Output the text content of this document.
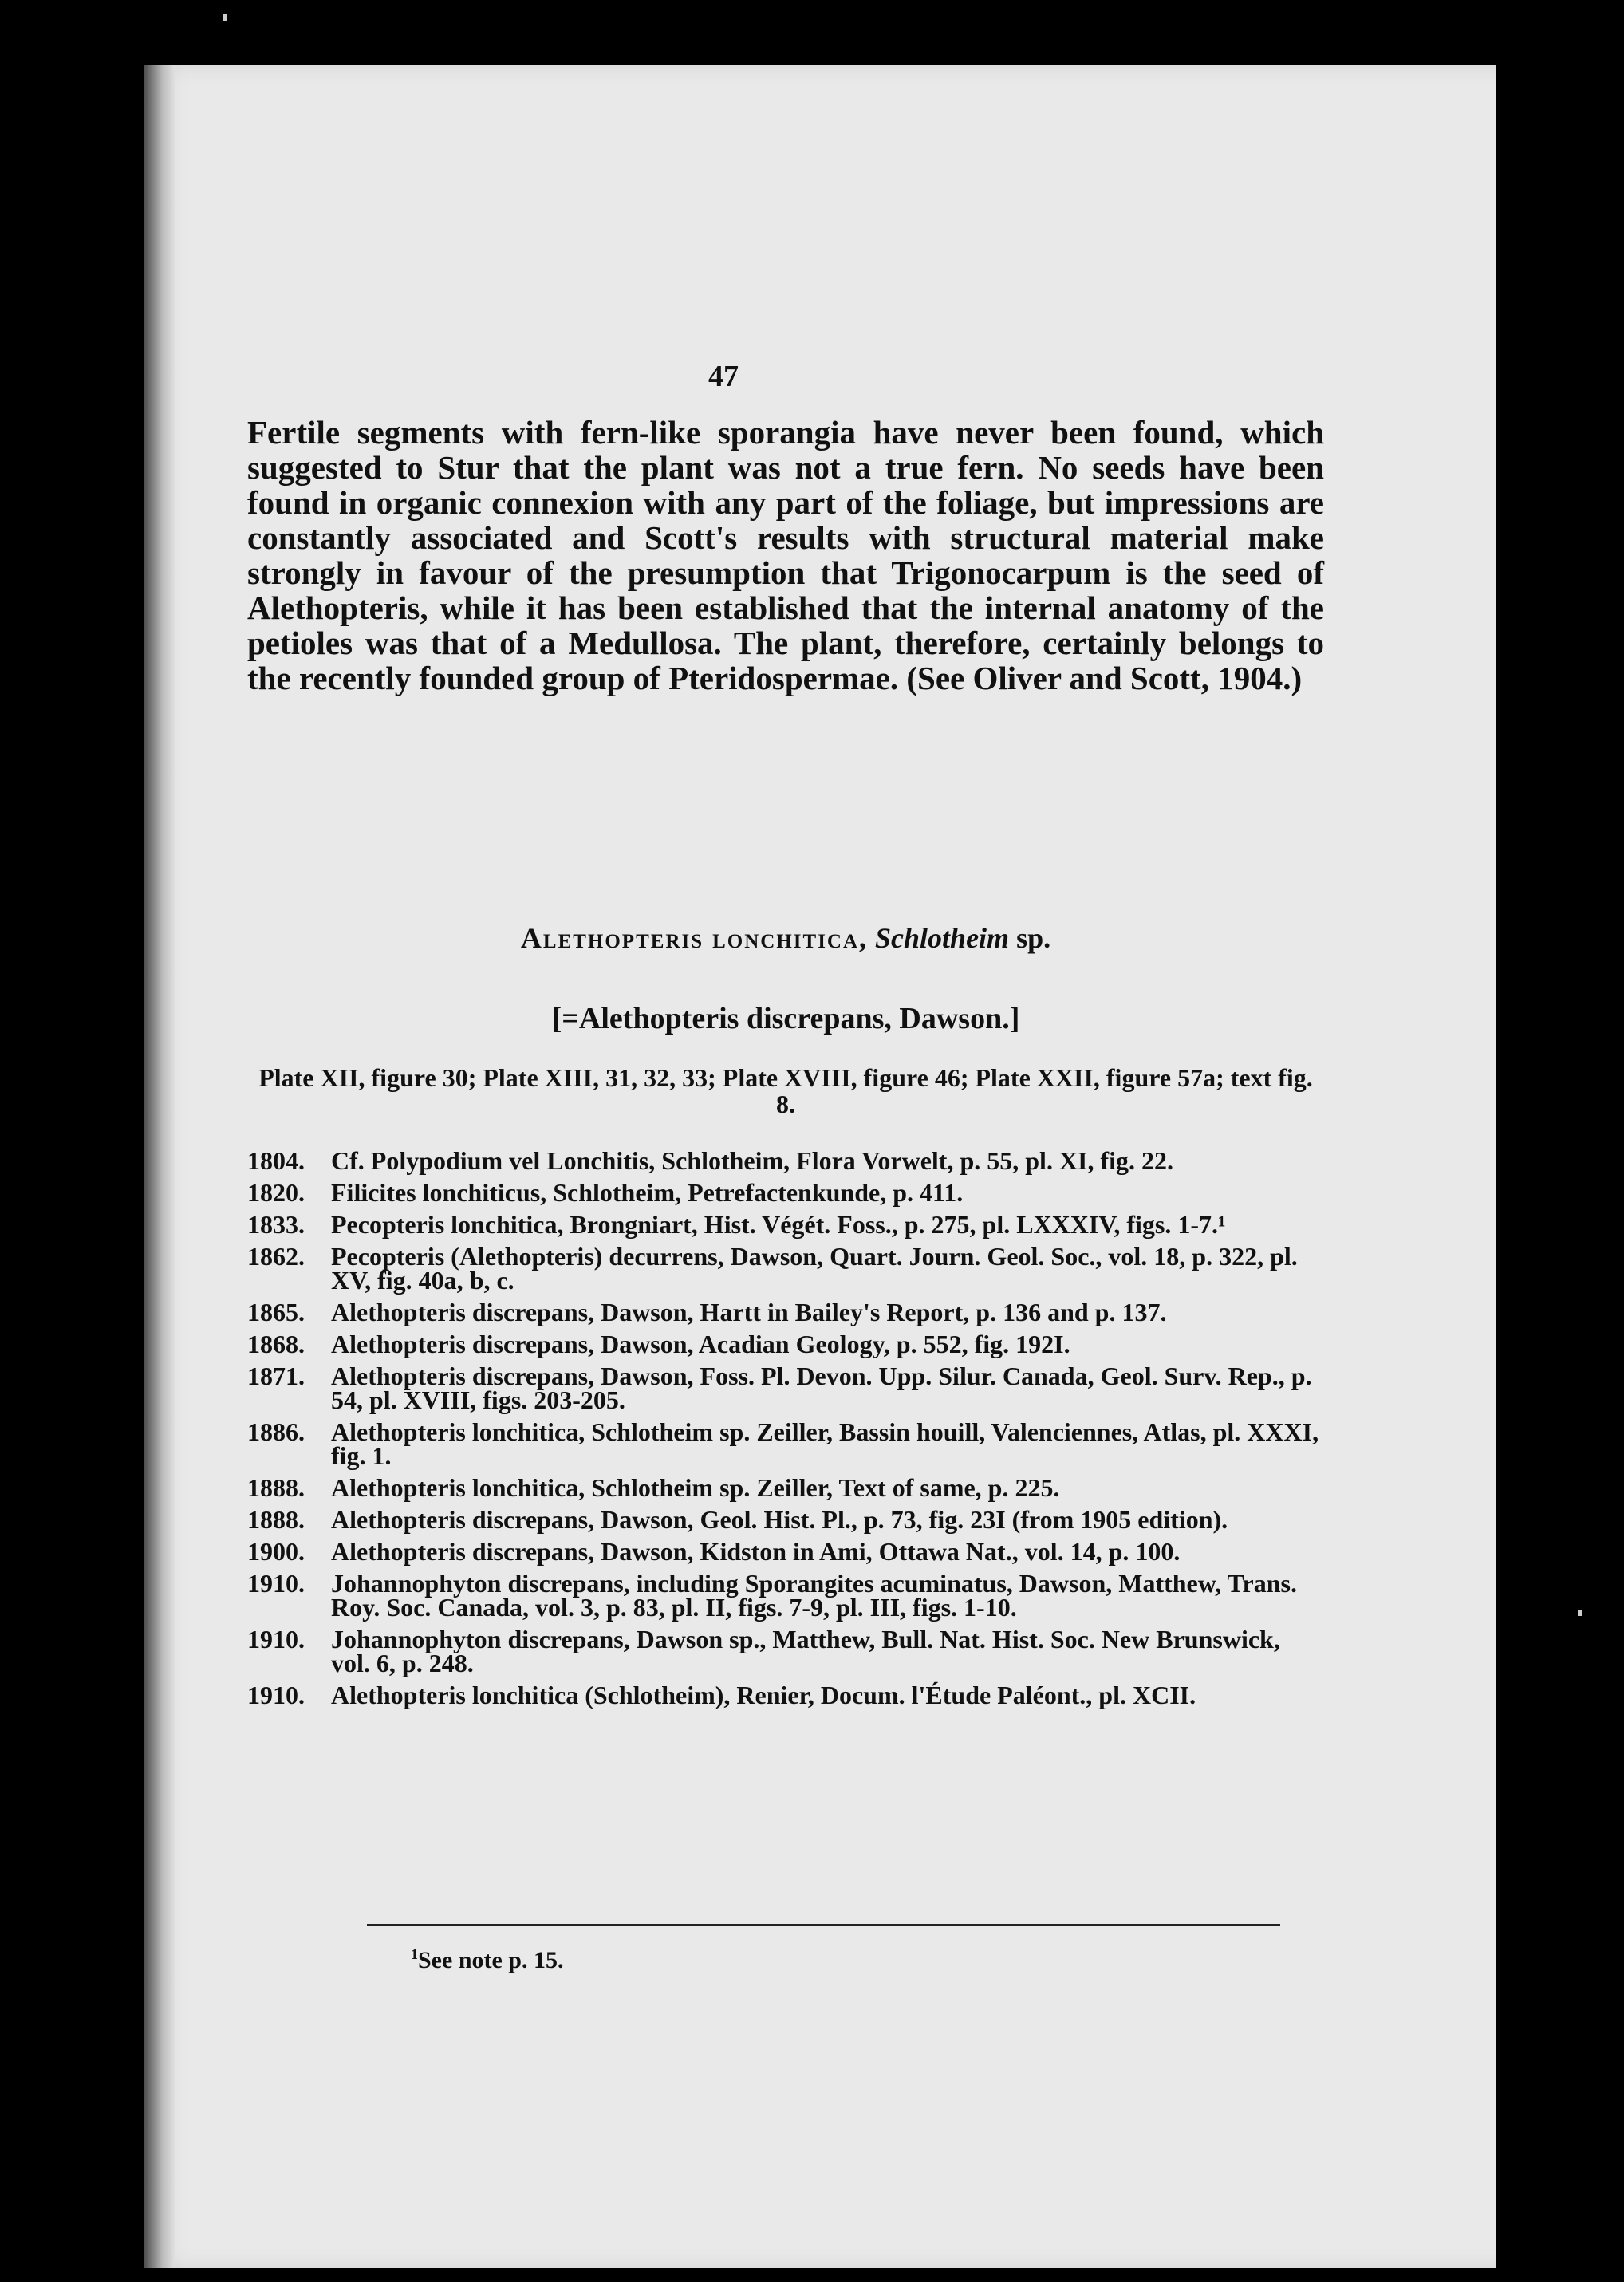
47
Fertile segments with fern-like sporangia have never been found, which suggested to Stur that the plant was not a true fern. No seeds have been found in organic connexion with any part of the foliage, but impressions are constantly associated and Scott's results with structural material make strongly in favour of the presumption that Trigonocarpum is the seed of Alethopteris, while it has been established that the internal anatomy of the petioles was that of a Medullosa. The plant, therefore, certainly belongs to the recently founded group of Pteridospermae. (See Oliver and Scott, 1904.)
Alethopteris lonchitica, Schlotheim sp.
[=Alethopteris discrepans, Dawson.]
Plate XII, figure 30; Plate XIII, 31, 32, 33; Plate XVIII, figure 46; Plate XXII, figure 57a; text fig. 8.
1804. Cf. Polypodium vel Lonchitis, Schlotheim, Flora Vorwelt, p. 55, pl. XI, fig. 22.
1820. Filicites lonchiticus, Schlotheim, Petrefactenkunde, p. 411.
1833. Pecopteris lonchitica, Brongniart, Hist. Végét. Foss., p. 275, pl. LXXXIV, figs. 1-7.¹
1862. Pecopteris (Alethopteris) decurrens, Dawson, Quart. Journ. Geol. Soc., vol. 18, p. 322, pl. XV, fig. 40a, b, c.
1865. Alethopteris discrepans, Dawson, Hartt in Bailey's Report, p. 136 and p. 137.
1868. Alethopteris discrepans, Dawson, Acadian Geology, p. 552, fig. 192I.
1871. Alethopteris discrepans, Dawson, Foss. Pl. Devon. Upp. Silur. Canada, Geol. Surv. Rep., p. 54, pl. XVIII, figs. 203-205.
1886. Alethopteris lonchitica, Schlotheim sp. Zeiller, Bassin houill, Valenciennes, Atlas, pl. XXXI, fig. 1.
1888. Alethopteris lonchitica, Schlotheim sp. Zeiller, Text of same, p. 225.
1888. Alethopteris discrepans, Dawson, Geol. Hist. Pl., p. 73, fig. 23I (from 1905 edition).
1900. Alethopteris discrepans, Dawson, Kidston in Ami, Ottawa Nat., vol. 14, p. 100.
1910. Johannophyton discrepans, including Sporangites acuminatus, Dawson, Matthew, Trans. Roy. Soc. Canada, vol. 3, p. 83, pl. II, figs. 7-9, pl. III, figs. 1-10.
1910. Johannophyton discrepans, Dawson sp., Matthew, Bull. Nat. Hist. Soc. New Brunswick, vol. 6, p. 248.
1910. Alethopteris lonchitica (Schlotheim), Renier, Docum. l'Étude Paléont., pl. XCII.
$^1$See note p. 15.
